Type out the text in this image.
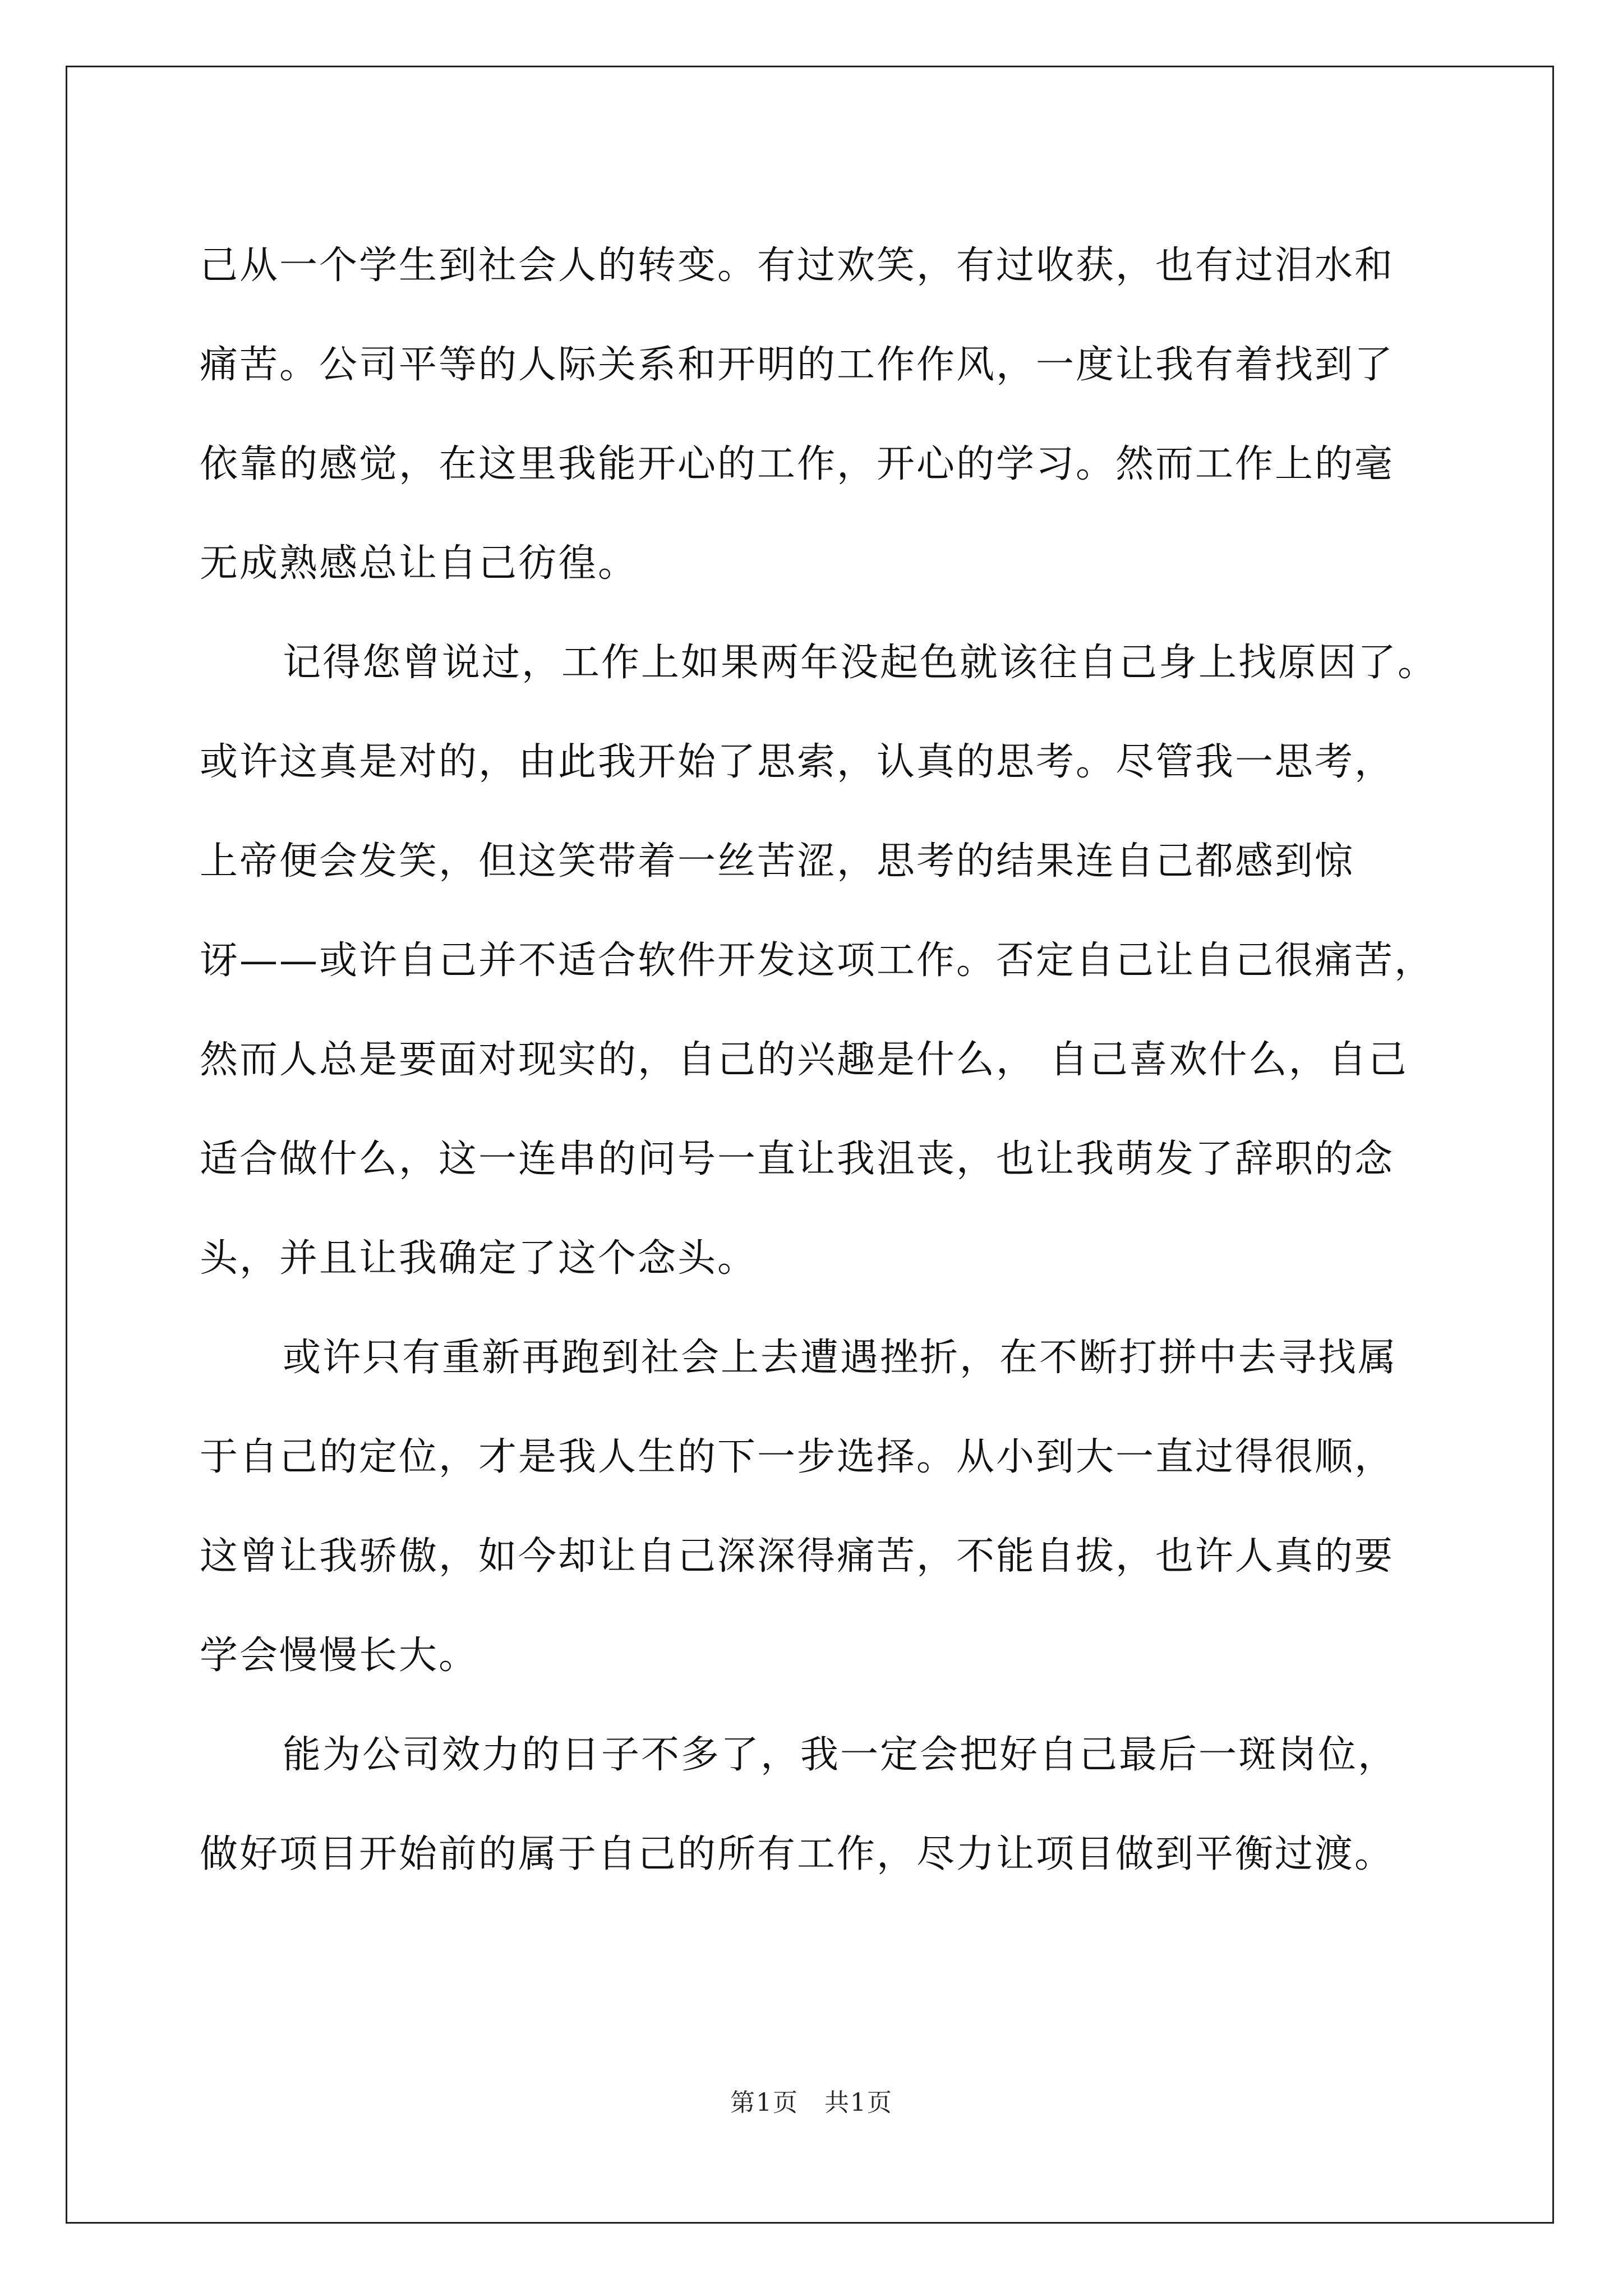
己从一个学生到社会人的转变。有过欢笑，有过收获，也有过泪水和
痛苦。公司平等的人际关系和开明的工作作风，一度让我有着找到了
依靠的感觉，在这里我能开心的工作，开心的学习。然而工作上的毫
无成熟感总让自己彷徨。

记得您曾说过，工作上如果两年没起色就该往自己身上找原因了。
或许这真是对的，由此我开始了思索，认真的思考。尽管我一思考，
上帝便会发笑，但这笑带着一丝苦涩，思考的结果连自己都感到惊
讶——或许自己并不适合软件开发这项工作。否定自己让自己很痛苦，
然而人总是要面对现实的，自己的兴趣是什么， 自己喜欢什么，自己
适合做什么，这一连串的问号一直让我沮丧，也让我萌发了辞职的念
头，并且让我确定了这个念头。

或许只有重新再跑到社会上去遭遇挫折，在不断打拼中去寻找属
于自己的定位，才是我人生的下一步选择。从小到大一直过得很顺，
这曾让我骄傲，如今却让自己深深得痛苦，不能自拔，也许人真的要
学会慢慢长大。

能为公司效力的日子不多了，我一定会把好自己最后一斑岗位，
做好项目开始前的属于自己的所有工作，尽力让项目做到平衡过渡。

第1页　共1页
